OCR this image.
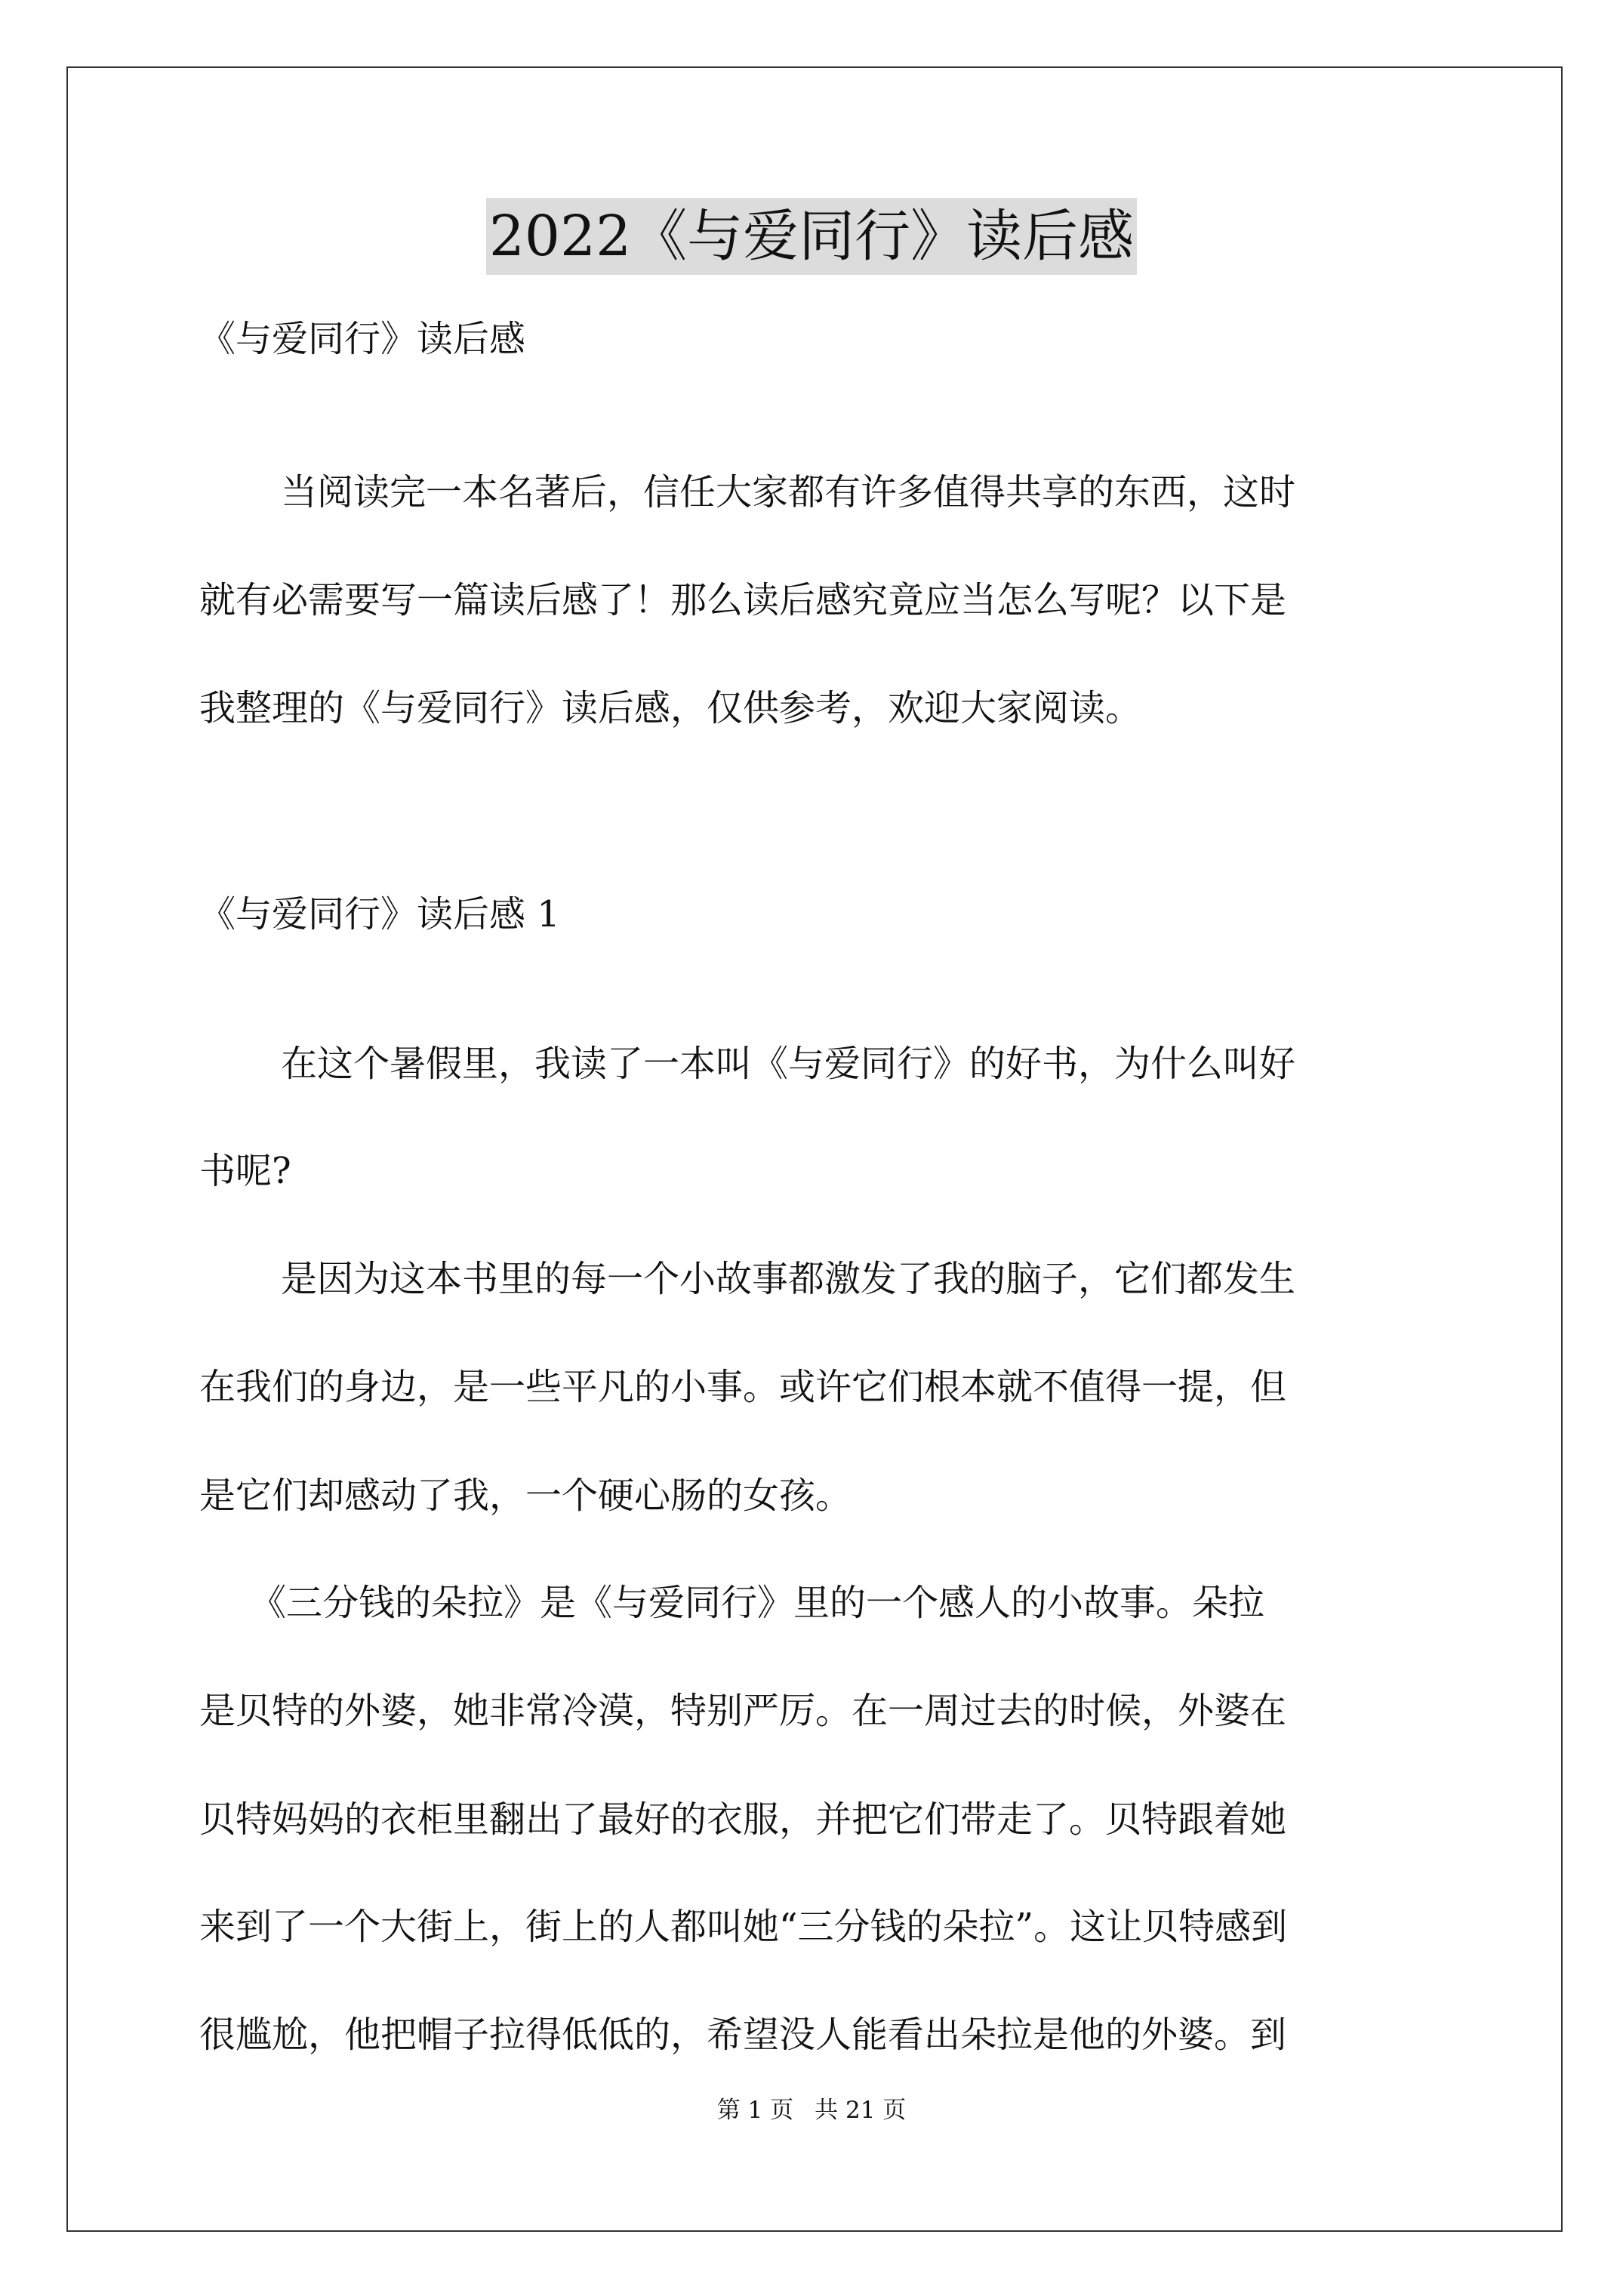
2022《与爱同行》读后感
《与爱同行》读后感
当阅读完一本名著后，信任大家都有许多值得共享的东西，这时
就有必需要写一篇读后感了！那么读后感究竟应当怎么写呢？以下是
我整理的《与爱同行》读后感，仅供参考，欢迎大家阅读。
《与爱同行》读后感 1
在这个暑假里，我读了一本叫《与爱同行》的好书，为什么叫好
书呢?
是因为这本书里的每一个小故事都激发了我的脑子，它们都发生
在我们的身边，是一些平凡的小事。或许它们根本就不值得一提，但
是它们却感动了我，一个硬心肠的女孩。
《三分钱的朵拉》是《与爱同行》里的一个感人的小故事。朵拉
是贝特的外婆，她非常冷漠，特别严厉。在一周过去的时候，外婆在
贝特妈妈的衣柜里翻出了最好的衣服，并把它们带走了。贝特跟着她
来到了一个大街上，街上的人都叫她“三分钱的朵拉”。这让贝特感到
很尴尬，他把帽子拉得低低的，希望没人能看出朵拉是他的外婆。到
第 1 页 共 21 页
